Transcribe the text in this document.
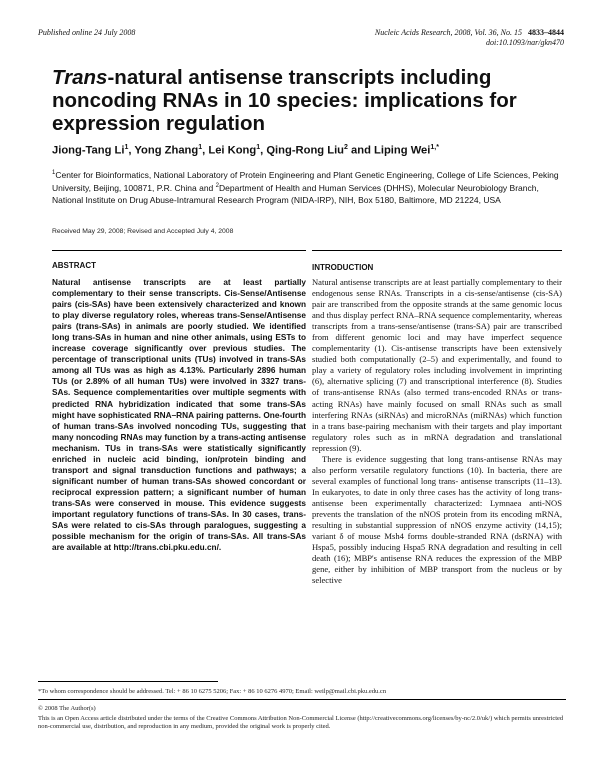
Published online 24 July 2008	Nucleic Acids Research, 2008, Vol. 36, No. 15 4833–4844
doi:10.1093/nar/gkn470
Trans-natural antisense transcripts including noncoding RNAs in 10 species: implications for expression regulation
Jiong-Tang Li$^1$, Yong Zhang$^1$, Lei Kong$^1$, Qing-Rong Liu$^2$ and Liping Wei$^{1,*}$
$^1$Center for Bioinformatics, National Laboratory of Protein Engineering and Plant Genetic Engineering, College of Life Sciences, Peking University, Beijing, 100871, P.R. China and $^2$Department of Health and Human Services (DHHS), Molecular Neurobiology Branch, National Institute on Drug Abuse-Intramural Research Program (NIDA-IRP), NIH, Box 5180, Baltimore, MD 21224, USA
Received May 29, 2008; Revised and Accepted July 4, 2008
ABSTRACT	INTRODUCTION
Natural antisense transcripts are at least partially complementary to their sense transcripts. Cis-Sense/Antisense pairs (cis-SAs) have been extensively characterized and known to play diverse regulatory roles, whereas trans-Sense/Antisense pairs (trans-SAs) in animals are poorly studied. We identified long trans-SAs in human and nine other animals, using ESTs to increase coverage significantly over previous studies. The percentage of transcriptional units (TUs) involved in trans-SAs among all TUs was as high as 4.13%. Particularly 2896 human TUs (or 2.89% of all human TUs) were involved in 3327 trans-SAs. Sequence complementarities over multiple segments with predicted RNA hybridization indicated that some trans-SAs might have sophisticated RNA–RNA pairing patterns. One-fourth of human trans-SAs involved noncoding TUs, suggesting that many noncoding RNAs may function by a trans-acting antisense mechanism. TUs in trans-SAs were statistically significantly enriched in nucleic acid binding, ion/protein binding and transport and signal transduction functions and pathways; a significant number of human trans-SAs showed concordant or reciprocal expression pattern; a significant number of human trans-SAs were conserved in mouse. This evidence suggests important regulatory functions of trans-SAs. In 30 cases, trans-SAs were related to cis-SAs through paralogues, suggesting a possible mechanism for the origin of trans-SAs. All trans-SAs are available at http://trans.cbi.pku.edu.cn/.

Natural antisense transcripts are at least partially complementary to their endogenous sense RNAs. Transcripts in a cis-sense/antisense (cis-SA) pair are transcribed from the opposite strands at the same genomic locus and thus display perfect RNA–RNA sequence complementarity, whereas transcripts from a trans-sense/antisense (trans-SA) pair are transcribed from different genomic loci and may have imperfect sequence complementarity (1). Cis-antisense transcripts have been extensively studied both computationally (2–5) and experimentally, and found to play a variety of regulatory roles including involvement in imprinting (6), alternative splicing (7) and transcriptional interference (8). Studies of trans-antisense RNAs (also termed trans-encoded RNAs or trans-acting RNAs) have mainly focused on small RNAs such as small interfering RNAs (siRNAs) and microRNAs (miRNAs) which function in a trans base-pairing mechanism with their targets and play important regulatory roles such as in mRNA degradation and translational repression (9).

There is evidence suggesting that long trans-antisense RNAs may also perform versatile regulatory functions (10). In bacteria, there are several examples of functional long trans- antisense transcripts (11–13). In eukaryotes, to date in only three cases has the activity of long trans-antisense been experimentally characterized: Lymnaea anti-NOS prevents the translation of the nNOS protein from its encoding mRNA, resulting in substantial suppression of nNOS enzyme activity (14,15); variant δ of mouse Msh4 forms double-stranded RNA (dsRNA) with Hspa5, possibly inducing Hspa5 RNA degradation and resulting in cell death (16); MBP's antisense RNA reduces the expression of the MBP gene, either by inhibition of MBP transport from the nucleus or by selective

*To whom correspondence should be addressed. Tel: + 86 10 6275 5206; Fax: + 86 10 6276 4970; Email: weilp@mail.cbi.pku.edu.cn
© 2008 The Author(s)
This is an Open Access article distributed under the terms of the Creative Commons Attribution Non-Commercial License (http://creativecommons.org/licenses/by-nc/2.0/uk/) which permits unrestricted non-commercial use, distribution, and reproduction in any medium, provided the original work is properly cited.
